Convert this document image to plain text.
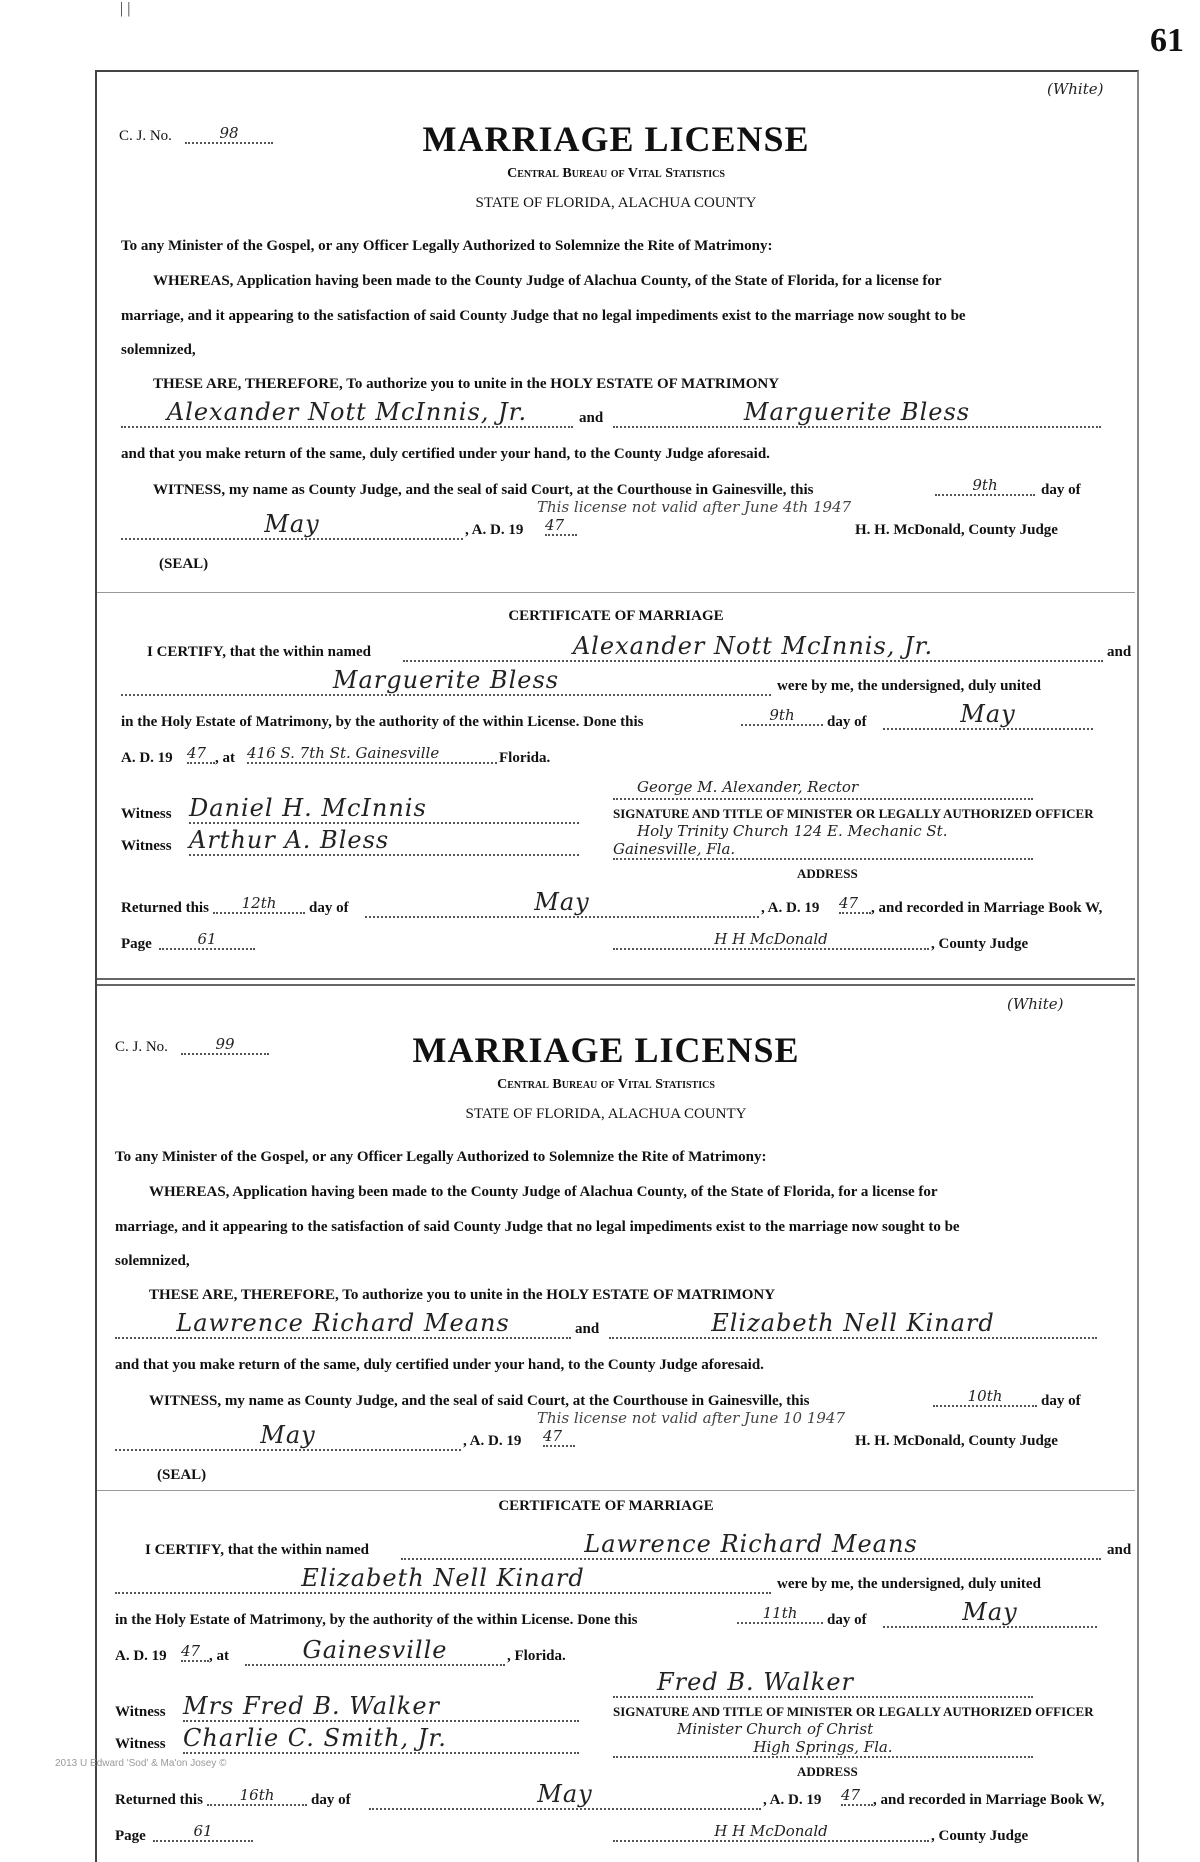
61
(White)
C. J. No.	98	MARRIAGE LICENSE
Central Bureau of Vital Statistics
STATE OF FLORIDA, ALACHUA COUNTY
To any Minister of the Gospel, or any Officer Legally Authorized to Solemnize the Rite of Matrimony:
WHEREAS, Application having been made to the County Judge of Alachua County, of the State of Florida, for a license for
marriage, and it appearing to the satisfaction of said County Judge that no legal impediments exist to the marriage now sought to be
solemnized,
THESE ARE, THEREFORE, To authorize you to unite in the HOLY ESTATE OF MATRIMONY
Alexander Nott McInnis, Jr.	and	Marguerite Bless
and that you make return of the same, duly certified under your hand, to the County Judge aforesaid.
WITNESS, my name as County Judge, and the seal of said Court, at the Courthouse in Gainesville, this	9th	day of
This license not valid after June 4th 1947
May	, A. D. 19 47	H. H. McDonald, County Judge
(SEAL)
CERTIFICATE OF MARRIAGE
I CERTIFY, that the within named	Alexander Nott McInnis, Jr.	and
Marguerite Bless	were by me, the undersigned, duly united
in the Holy Estate of Matrimony, by the authority of the within License. Done this	9th	day of	May
A. D. 19 47 , at 416 S. 7th St. Gainesville	Florida.
George M. Alexander, Rector
Witness Daniel H. McInnis	SIGNATURE AND TITLE OF MINISTER OR LEGALLY AUTHORIZED OFFICER
Holy Trinity Church 124 E. Mechanic St.
Witness Arthur A. Bless	Gainesville, Fla.
ADDRESS
Returned this	12th	day of	May	, A. D. 19 47 , and recorded in Marriage Book W,
Page	61	H H McDonald	, County Judge
(White)
C. J. No.	99	MARRIAGE LICENSE
Central Bureau of Vital Statistics
STATE OF FLORIDA, ALACHUA COUNTY
To any Minister of the Gospel, or any Officer Legally Authorized to Solemnize the Rite of Matrimony:
WHEREAS, Application having been made to the County Judge of Alachua County, of the State of Florida, for a license for
marriage, and it appearing to the satisfaction of said County Judge that no legal impediments exist to the marriage now sought to be
solemnized,
THESE ARE, THEREFORE, To authorize you to unite in the HOLY ESTATE OF MATRIMONY
Lawrence Richard Means	and	Elizabeth Nell Kinard
and that you make return of the same, duly certified under your hand, to the County Judge aforesaid.
WITNESS, my name as County Judge, and the seal of said Court, at the Courthouse in Gainesville, this	10th	day of
This license not valid after June 10 1947
May	, A. D. 19 47	H. H. McDonald, County Judge
(SEAL)
CERTIFICATE OF MARRIAGE
I CERTIFY, that the within named	Lawrence Richard Means	and
Elizabeth Nell Kinard	were by me, the undersigned, duly united
in the Holy Estate of Matrimony, by the authority of the within License. Done this	11th	day of	May
A. D. 19 47 , at	Gainesville	, Florida.
Fred B. Walker
Witness Mrs Fred B. Walker	SIGNATURE AND TITLE OF MINISTER OR LEGALLY AUTHORIZED OFFICER
Minister Church of Christ
Witness Charlie C. Smith, Jr.	High Springs, Fla.
ADDRESS
Returned this	16th	day of	May	, A. D. 19 47 , and recorded in Marriage Book W,
Page	61	H H McDonald	, County Judge
2013 U Edward 'Sod' & Ma'on Josey ©
| |
